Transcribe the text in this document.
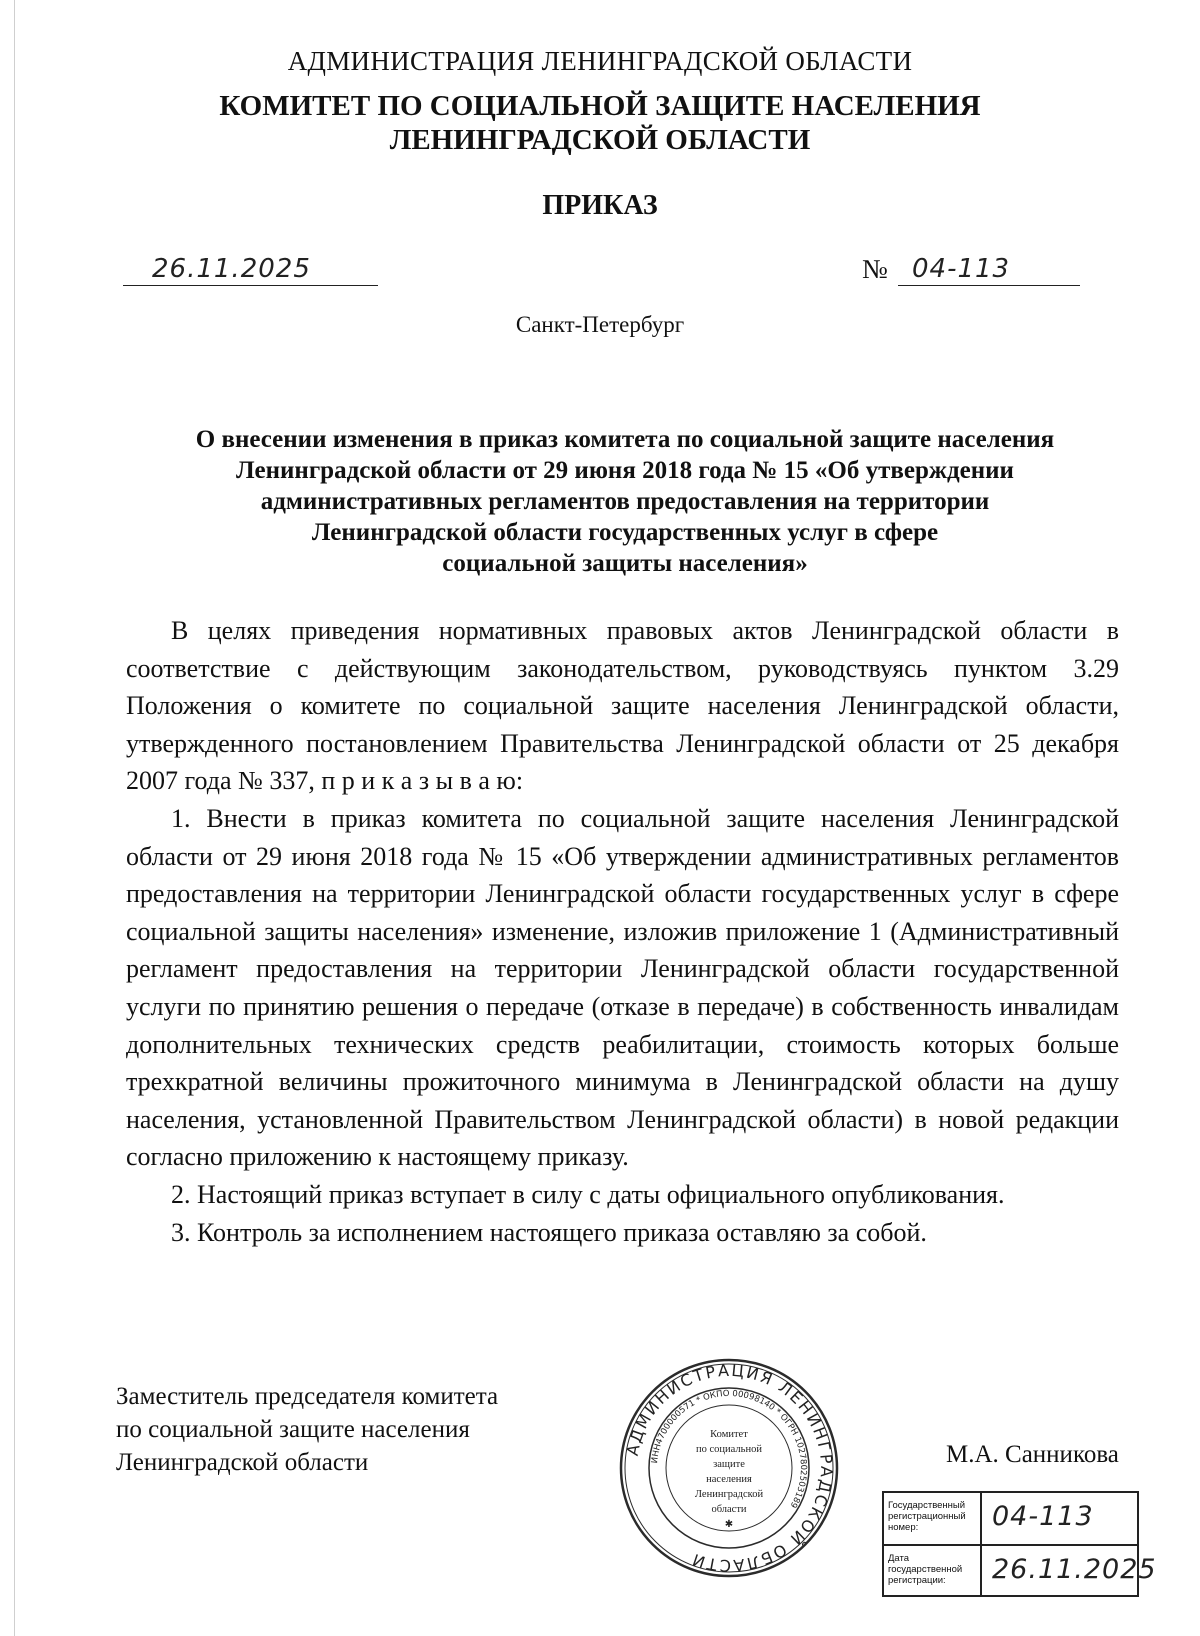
АДМИНИСТРАЦИЯ ЛЕНИНГРАДСКОЙ ОБЛАСТИ
КОМИТЕТ ПО СОЦИАЛЬНОЙ ЗАЩИТЕ НАСЕЛЕНИЯ
ЛЕНИНГРАДСКОЙ ОБЛАСТИ
ПРИКАЗ
26.11.2025	№ 04-113
Санкт-Петербург
О внесении изменения в приказ комитета по социальной защите населения
Ленинградской области от 29 июня 2018 года № 15 «Об утверждении
административных регламентов предоставления на территории
Ленинградской области государственных услуг в сфере
социальной защиты населения»

В целях приведения нормативных правовых актов Ленинградской области в соответствие с действующим законодательством, руководствуясь пунктом 3.29 Положения о комитете по социальной защите населения Ленинградской области, утвержденного постановлением Правительства Ленинградской области от 25 декабря 2007 года № 337, п р и к а з ы в а ю:

1. Внести в приказ комитета по социальной защите населения Ленинградской области от 29 июня 2018 года № 15 «Об утверждении административных регламентов предоставления на территории Ленинградской области государственных услуг в сфере социальной защиты населения» изменение, изложив приложение 1 (Административный регламент предоставления на территории Ленинградской области государственной услуги по принятию решения о передаче (отказе в передаче) в собственность инвалидам дополнительных технических средств реабилитации, стоимость которых больше трехкратной величины прожиточного минимума в Ленинградской области на душу населения, установленной Правительством Ленинградской области) в новой редакции согласно приложению к настоящему приказу.

2. Настоящий приказ вступает в силу с даты официального опубликования.

3. Контроль за исполнением настоящего приказа оставляю за собой.

Заместитель председателя комитета
по социальной защите населения
Ленинградской области	АДМИНИСТРАЦИЯ ЛЕНИНГРАДСКОЙ ОБЛАСТИ
ИНН4700000571 * ОКПО 00098140 * ОГРН 1027802503189
Комитет
по социальной
защите
населения
Ленинградской
области
✱
М.А. Санникова
Государственный регистрационный номер:	04-113
Дата государственной регистрации:	26.11.2025
